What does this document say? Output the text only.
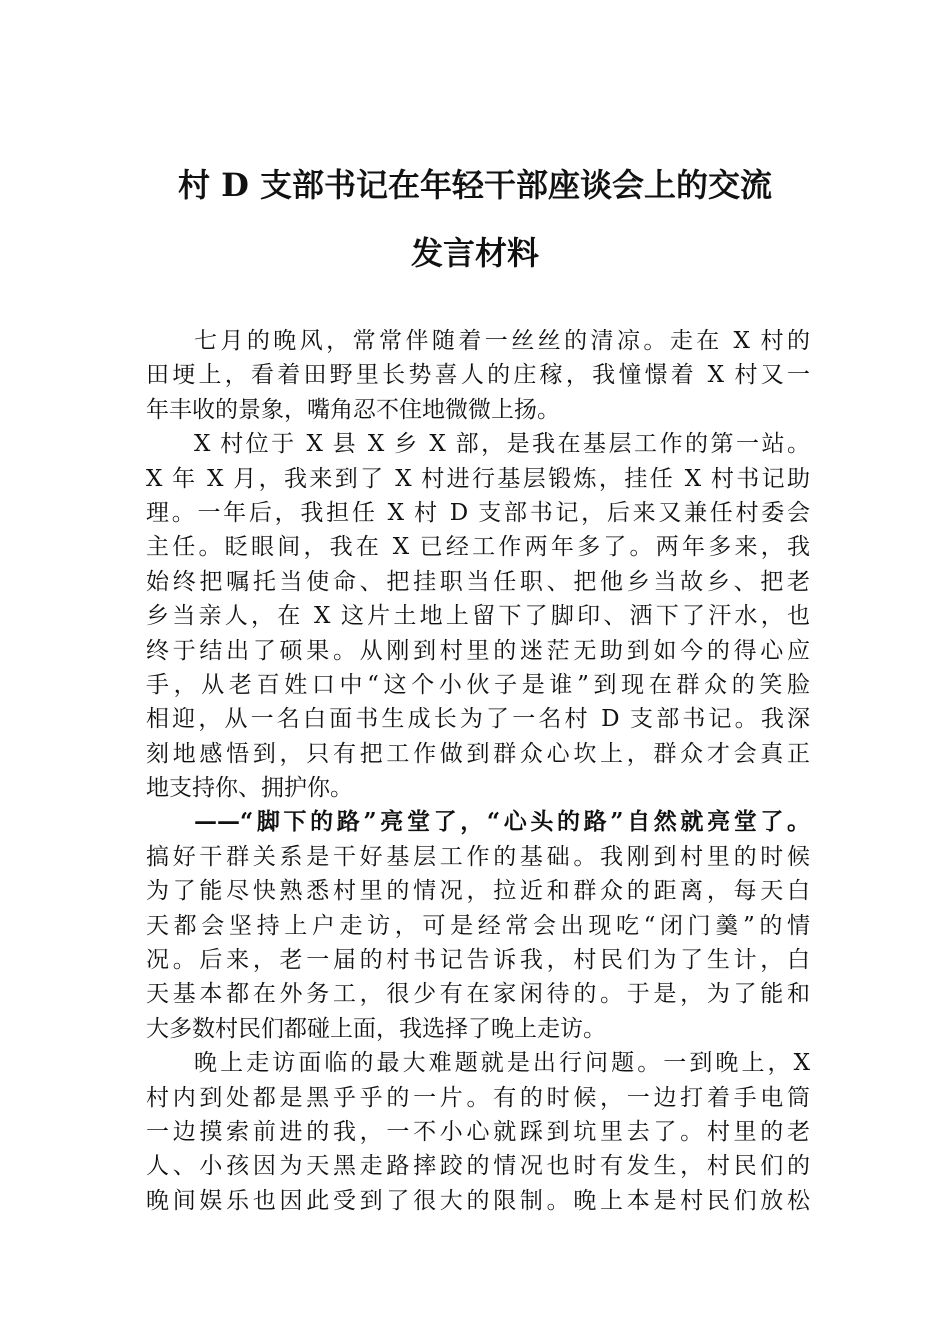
村 D 支部书记在年轻干部座谈会上的交流
发言材料
七月的晚风，常常伴随着一丝丝的清凉。走在 X 村的
田埂上，看着田野里长势喜人的庄稼，我憧憬着 X 村又一
年丰收的景象，嘴角忍不住地微微上扬。
X 村位于 X 县 X 乡 X 部，是我在基层工作的第一站。
X 年 X 月，我来到了 X 村进行基层锻炼，挂任 X 村书记助
理。一年后，我担任 X 村 D 支部书记，后来又兼任村委会
主任。眨眼间，我在 X 已经工作两年多了。两年多来，我
始终把嘱托当使命、把挂职当任职、把他乡当故乡、把老
乡当亲人，在 X 这片土地上留下了脚印、洒下了汗水，也
终于结出了硕果。从刚到村里的迷茫无助到如今的得心应
手，从老百姓口中“这个小伙子是谁”到现在群众的笑脸
相迎，从一名白面书生成长为了一名村 D 支部书记。我深
刻地感悟到，只有把工作做到群众心坎上，群众才会真正
地支持你、拥护你。
——“脚下的路”亮堂了，“心头的路”自然就亮堂了。
搞好干群关系是干好基层工作的基础。我刚到村里的时候
为了能尽快熟悉村里的情况，拉近和群众的距离，每天白
天都会坚持上户走访，可是经常会出现吃“闭门羹”的情
况。后来，老一届的村书记告诉我，村民们为了生计，白
天基本都在外务工，很少有在家闲待的。于是，为了能和
大多数村民们都碰上面，我选择了晚上走访。
晚上走访面临的最大难题就是出行问题。一到晚上，X
村内到处都是黑乎乎的一片。有的时候，一边打着手电筒
一边摸索前进的我，一不小心就踩到坑里去了。村里的老
人、小孩因为天黑走路摔跤的情况也时有发生，村民们的
晚间娱乐也因此受到了很大的限制。晚上本是村民们放松
